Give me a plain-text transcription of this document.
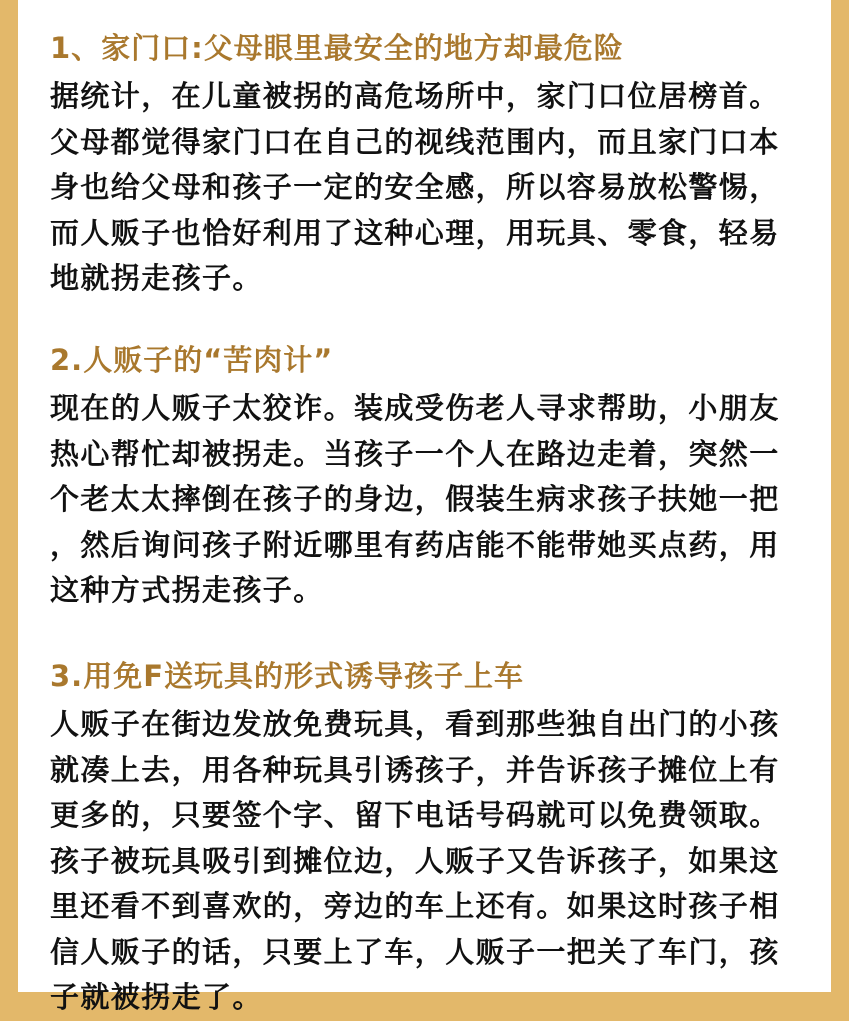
1、家门口:父母眼里最安全的地方却最危险

据统计，在儿童被拐的高危场所中，家门口位居榜首。
父母都觉得家门口在自己的视线范围内，而且家门口本
身也给父母和孩子一定的安全感，所以容易放松警惕，
而人贩子也恰好利用了这种心理，用玩具、零食，轻易
地就拐走孩子。

2.人贩子的“苦肉计”

现在的人贩子太狡诈。装成受伤老人寻求帮助，小朋友
热心帮忙却被拐走。当孩子一个人在路边走着，突然一
个老太太摔倒在孩子的身边，假装生病求孩子扶她一把
，然后询问孩子附近哪里有药店能不能带她买点药，用
这种方式拐走孩子。

3.用免F送玩具的形式诱导孩子上车

人贩子在街边发放免费玩具，看到那些独自出门的小孩
就凑上去，用各种玩具引诱孩子，并告诉孩子摊位上有
更多的，只要签个字、留下电话号码就可以免费领取。
孩子被玩具吸引到摊位边，人贩子又告诉孩子，如果这
里还看不到喜欢的，旁边的车上还有。如果这时孩子相
信人贩子的话，只要上了车，人贩子一把关了车门，孩
子就被拐走了。
